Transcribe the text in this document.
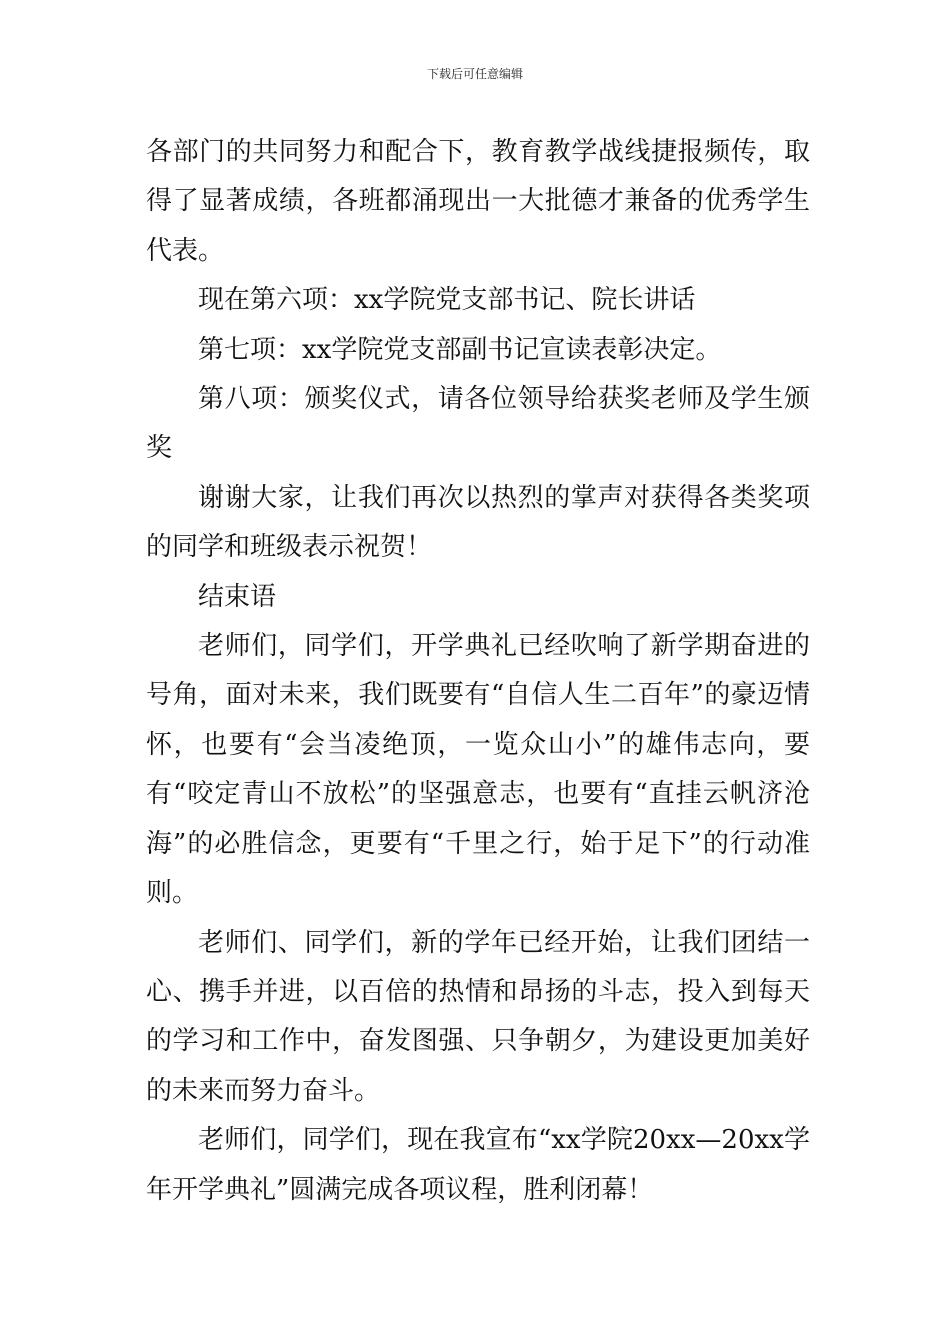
下载后可任意编辑

各部门的共同努力和配合下，教育教学战线捷报频传，取得了显著成绩，各班都涌现出一大批德才兼备的优秀学生代表。

现在第六项：xx学院党支部书记、院长讲话

第七项：xx学院党支部副书记宣读表彰决定。

第八项：颁奖仪式，请各位领导给获奖老师及学生颁奖

谢谢大家，让我们再次以热烈的掌声对获得各类奖项的同学和班级表示祝贺！

结束语

老师们，同学们，开学典礼已经吹响了新学期奋进的号角，面对未来，我们既要有“自信人生二百年”的豪迈情怀，也要有“会当凌绝顶，一览众山小”的雄伟志向，要有“咬定青山不放松”的坚强意志，也要有“直挂云帆济沧海”的必胜信念，更要有“千里之行，始于足下”的行动准则。

老师们、同学们，新的学年已经开始，让我们团结一心、携手并进，以百倍的热情和昂扬的斗志，投入到每天的学习和工作中，奋发图强、只争朝夕，为建设更加美好的未来而努力奋斗。

老师们，同学们，现在我宣布“xx学院20xx—20xx学年开学典礼”圆满完成各项议程，胜利闭幕！
